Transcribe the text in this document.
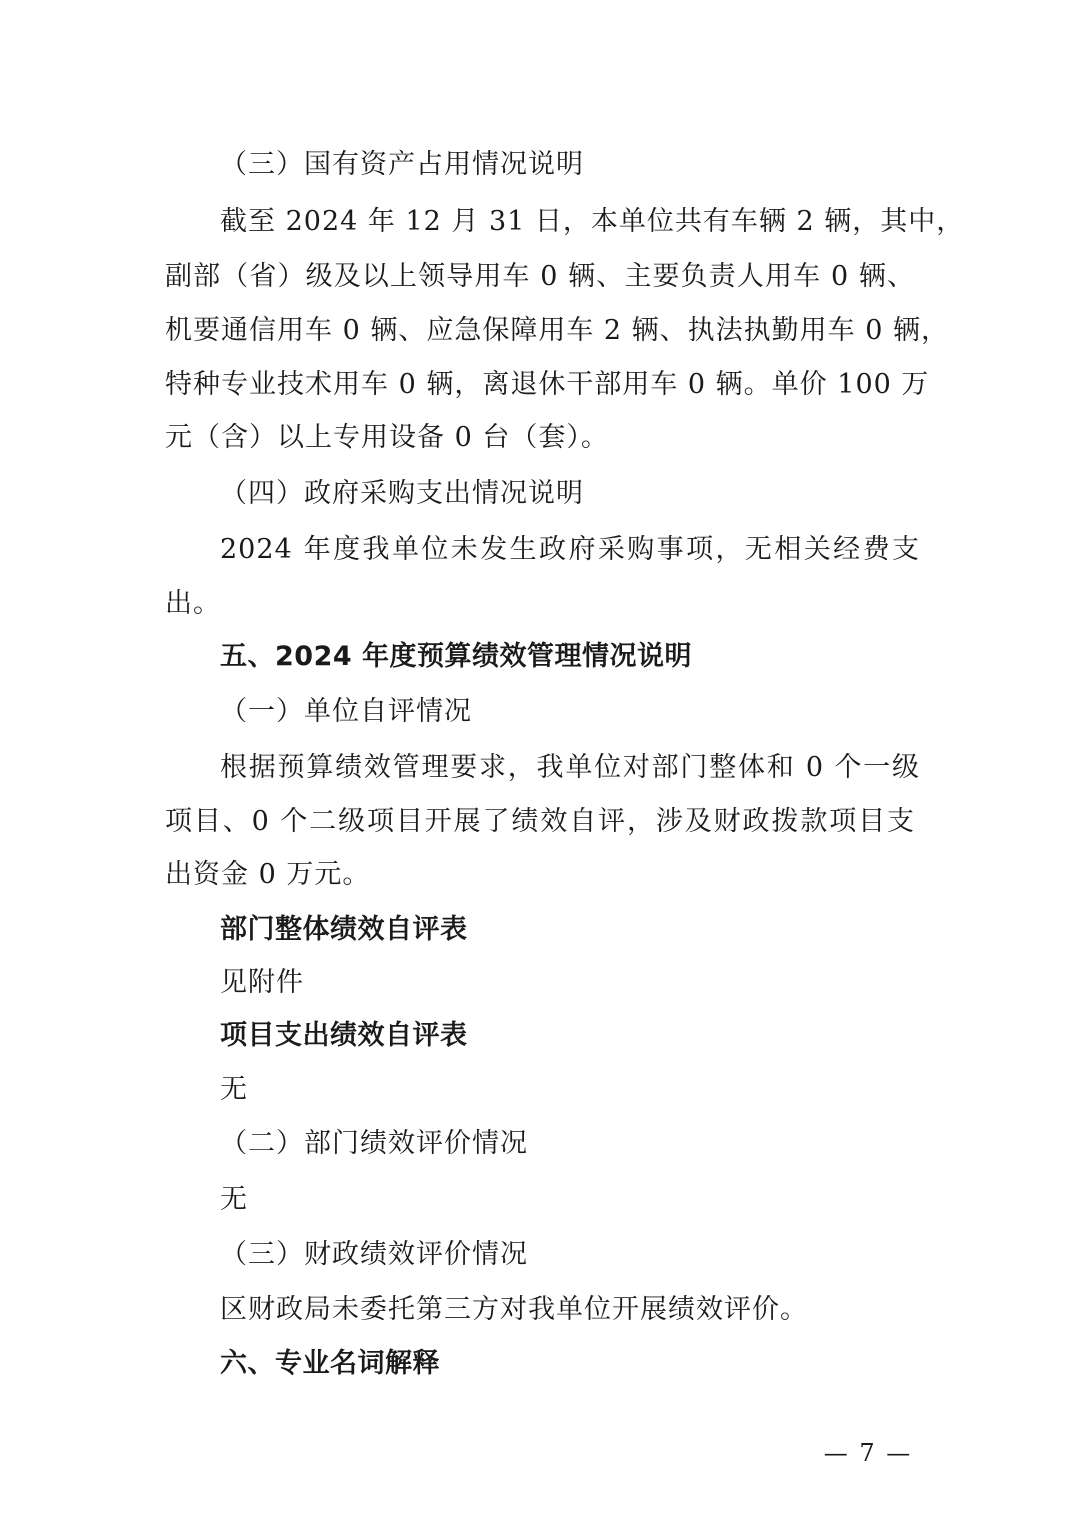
（三）国有资产占用情况说明
截至 2024 年 12 月 31 日，本单位共有车辆 2 辆，其中，
副部（省）级及以上领导用车 0 辆、主要负责人用车 0 辆、
机要通信用车 0 辆、应急保障用车 2 辆、执法执勤用车 0 辆，
特种专业技术用车 0 辆，离退休干部用车 0 辆。单价 100 万
元（含）以上专用设备 0 台（套）。
（四）政府采购支出情况说明
2024 年度我单位未发生政府采购事项，无相关经费支
出。
五、2024 年度预算绩效管理情况说明
（一）单位自评情况
根据预算绩效管理要求，我单位对部门整体和 0 个一级
项目、0 个二级项目开展了绩效自评，涉及财政拨款项目支
出资金 0 万元。
部门整体绩效自评表
见附件
项目支出绩效自评表
无
（二）部门绩效评价情况
无
（三）财政绩效评价情况
区财政局未委托第三方对我单位开展绩效评价。
六、专业名词解释
— 7 —
